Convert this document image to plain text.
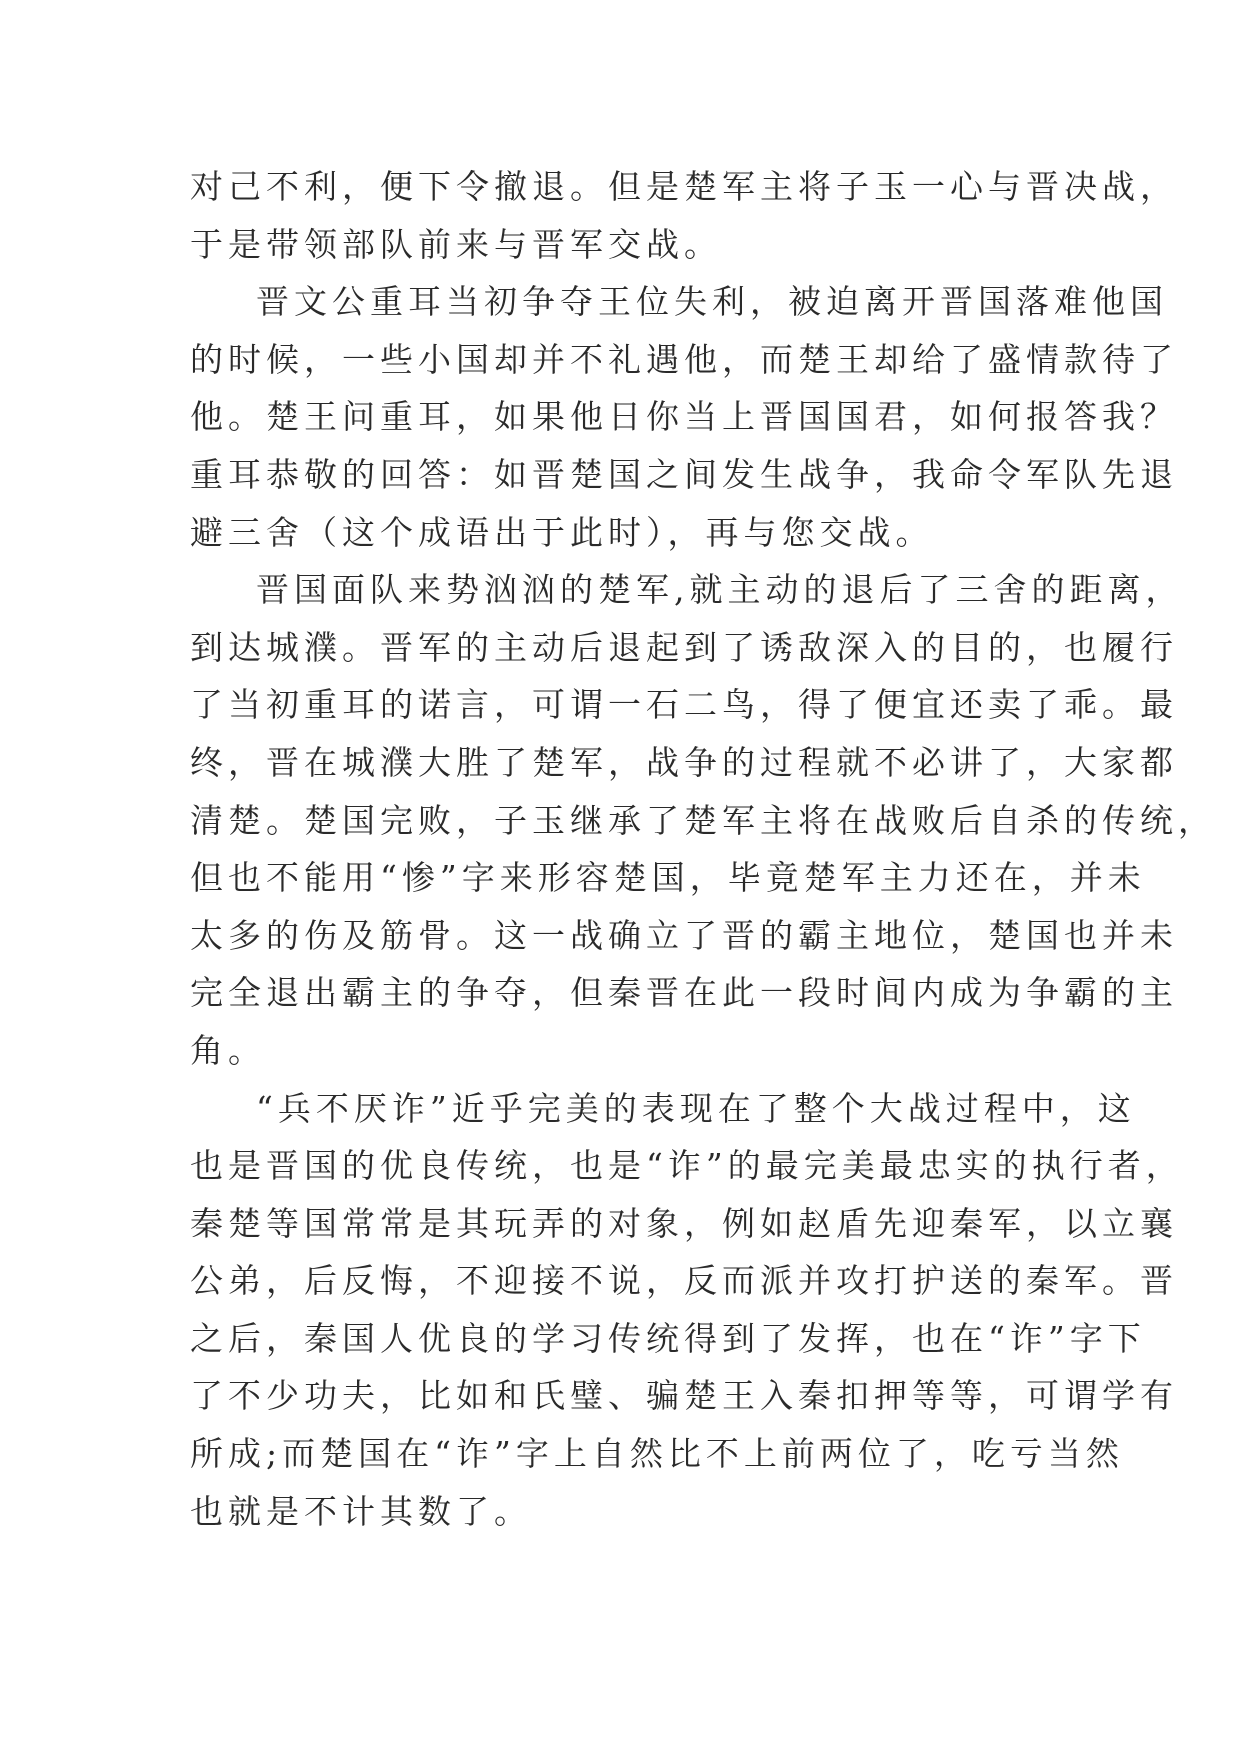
对己不利，便下令撤退。但是楚军主将子玉一心与晋决战，
于是带领部队前来与晋军交战。
晋文公重耳当初争夺王位失利，被迫离开晋国落难他国
的时候，一些小国却并不礼遇他，而楚王却给了盛情款待了
他。楚王问重耳，如果他日你当上晋国国君，如何报答我？
重耳恭敬的回答：如晋楚国之间发生战争，我命令军队先退
避三舍（这个成语出于此时），再与您交战。
晋国面队来势汹汹的楚军,就主动的退后了三舍的距离，
到达城濮。晋军的主动后退起到了诱敌深入的目的，也履行
了当初重耳的诺言，可谓一石二鸟，得了便宜还卖了乖。最
终，晋在城濮大胜了楚军，战争的过程就不必讲了，大家都
清楚。楚国完败，子玉继承了楚军主将在战败后自杀的传统，
但也不能用“惨”字来形容楚国，毕竟楚军主力还在，并未
太多的伤及筋骨。这一战确立了晋的霸主地位，楚国也并未
完全退出霸主的争夺，但秦晋在此一段时间内成为争霸的主
角。
“兵不厌诈”近乎完美的表现在了整个大战过程中，这
也是晋国的优良传统，也是“诈”的最完美最忠实的执行者，
秦楚等国常常是其玩弄的对象，例如赵盾先迎秦军，以立襄
公弟，后反悔，不迎接不说，反而派并攻打护送的秦军。晋
之后，秦国人优良的学习传统得到了发挥，也在“诈”字下
了不少功夫，比如和氏璧、骗楚王入秦扣押等等，可谓学有
所成;而楚国在“诈”字上自然比不上前两位了，吃亏当然
也就是不计其数了。
